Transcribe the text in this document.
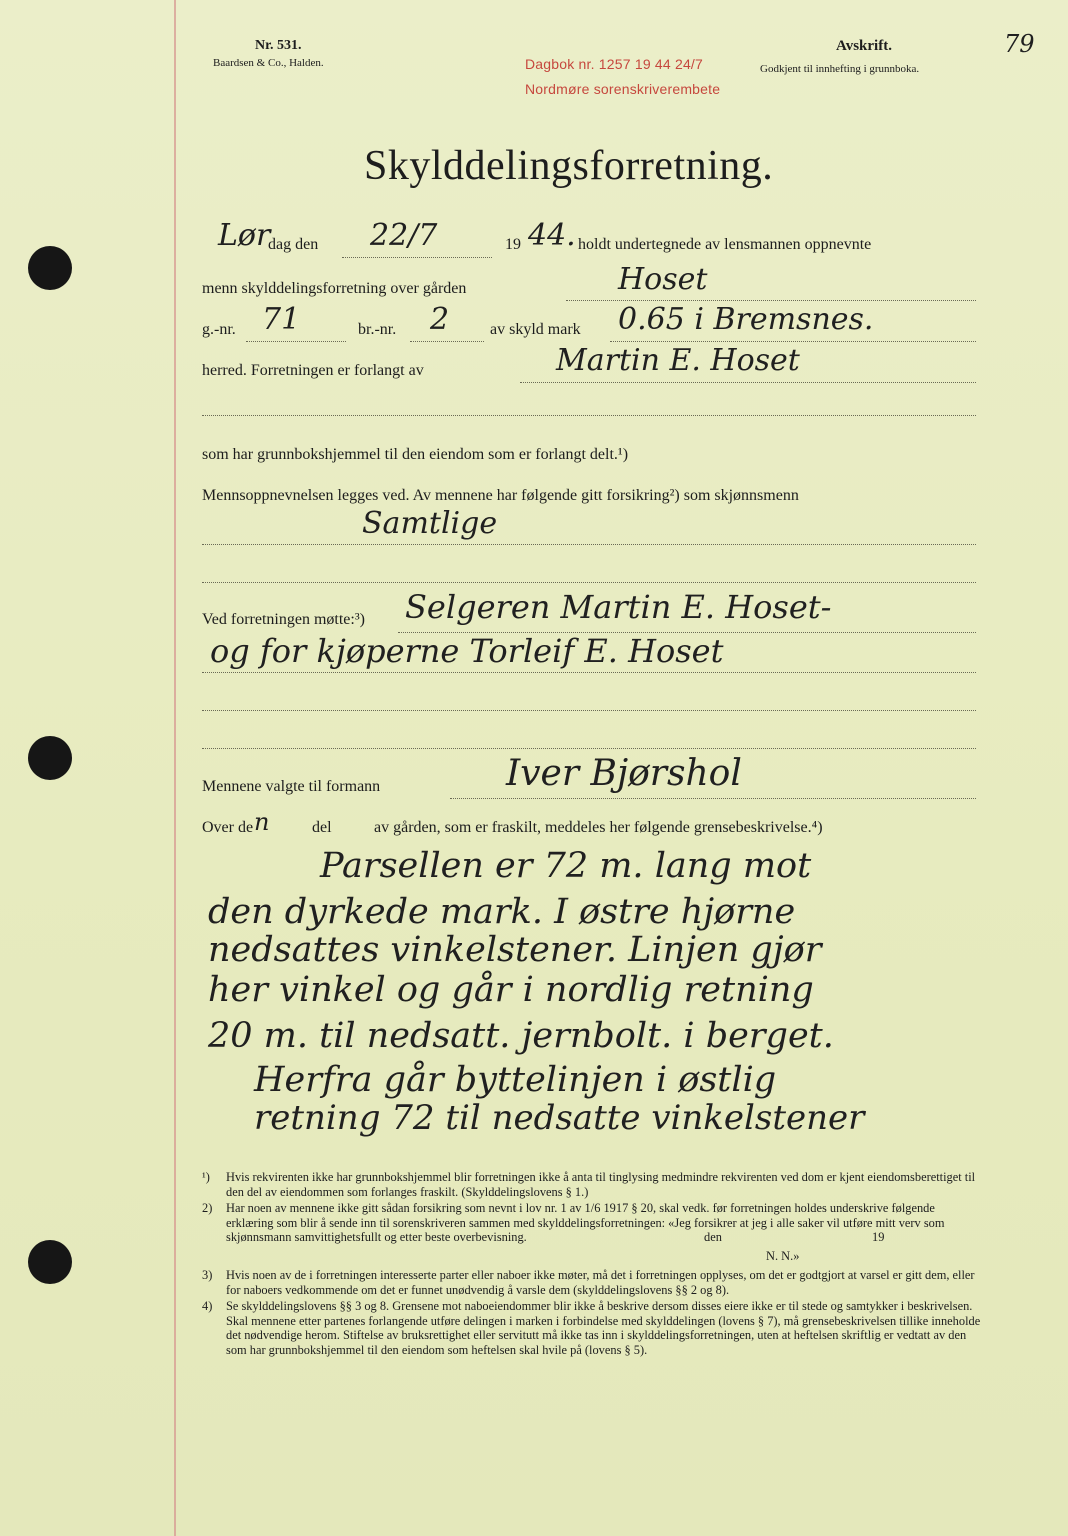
Nr. 531.
Baardsen & Co., Halden.	Dagbok nr. 1257 19 44 24/7
Nordmøre sorenskriverembete
Avskrift.
Godkjent til innhefting i grunnboka.
79
Skylddelingsforretning.
Lør
dag den 22/7	19 44. holdt undertegnede av lensmannen oppnevnte
menn skylddelingsforretning over gården	Hoset
g.-nr. 71	br.-nr. 2	av skyld mark 0.65 i Bremsnes.
herred. Forretningen er forlangt av	Martin E. Hoset
som har grunnbokshjemmel til den eiendom som er forlangt delt.¹)
Mennsoppnevnelsen legges ved. Av mennene har følgende gitt forsikring²) som skjønnsmenn
Samtlige
Ved forretningen møtte:³) Selgeren Martin E. Hoset-
og for kjøperne Torleif E. Hoset
Mennene valgte til formann	Iver Bjørshol
Over de n	del	av gården, som er fraskilt, meddeles her følgende grensebeskrivelse.⁴)
Parsellen er 72 m. lang mot
den dyrkede mark. I østre hjørne
nedsattes vinkelstener. Linjen gjør
her vinkel og går i nordlig retning
20 m. til nedsatt. jernbolt. i berget.
Herfra går byttelinjen i østlig
retning 72 til nedsatte vinkelstener
¹) Hvis rekvirenten ikke har grunnbokshjemmel blir forretningen ikke å anta til tinglysing medmindre rekvirenten ved dom er kjent eiendomsberettiget til den del av eiendommen som forlanges fraskilt. (Skylddelingslovens § 1.)
2) Har noen av mennene ikke gitt sådan forsikring som nevnt i lov nr. 1 av 1/6 1917 § 20, skal vedk. før forretningen holdes underskrive følgende erklæring som blir å sende inn til sorenskriveren sammen med skylddelingsforretningen: «Jeg forsikrer at jeg i alle saker vil utføre mitt verv som skjønnsmann samvittighetsfullt og etter beste overbevisning.	den	19
N. N.»
3) Hvis noen av de i forretningen interesserte parter eller naboer ikke møter, må det i forretningen opplyses, om det er godtgjort at varsel er gitt dem, eller for naboers vedkommende om det er funnet unødvendig å varsle dem (skylddelingslovens §§ 2 og 8).
4) Se skylddelingslovens §§ 3 og 8. Grensene mot naboeiendommer blir ikke å beskrive dersom disses eiere ikke er til stede og samtykker i beskrivelsen. Skal mennene etter partenes forlangende utføre delingen i marken i forbindelse med skylddelingen (lovens § 7), må grensebeskrivelsen tillike inneholde det nødvendige herom. Stiftelse av bruksrettighet eller servitutt må ikke tas inn i skylddelingsforretningen, uten at heftelsen skriftlig er vedtatt av den som har grunnbokshjemmel til den eiendom som heftelsen skal hvile på (lovens § 5).
